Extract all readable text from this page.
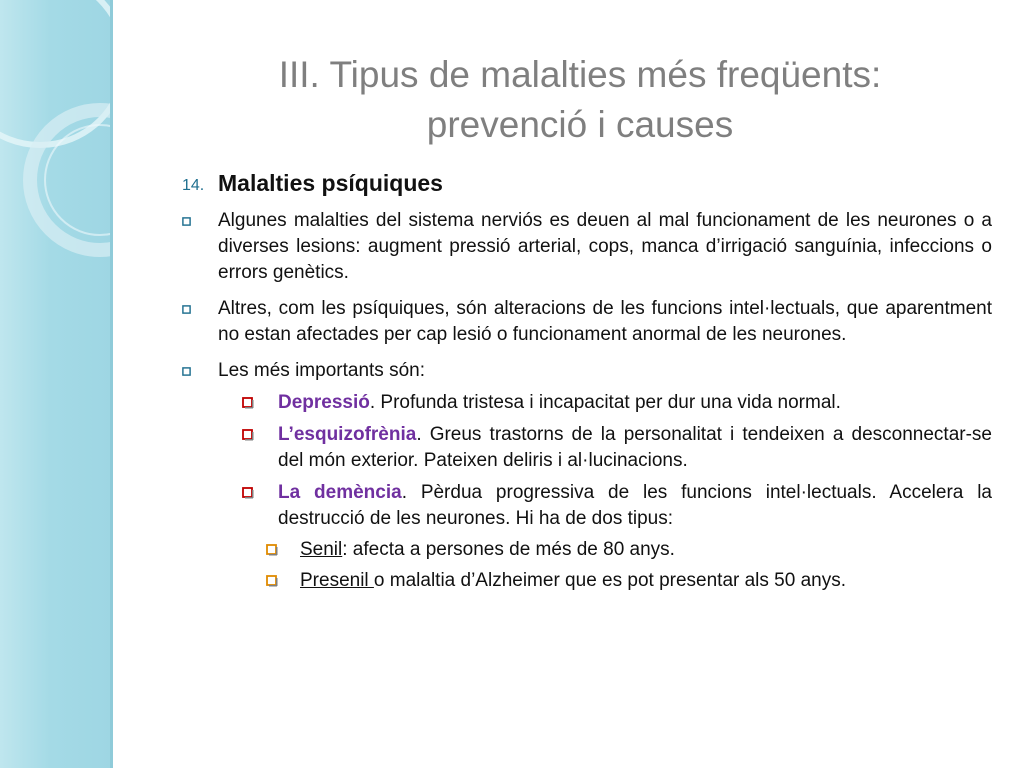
III. Tipus de malalties més freqüents:
prevenció i causes
14. Malalties psíquiques
Algunes malalties del sistema nerviós es deuen al mal funcionament de les neurones o a diverses lesions: augment pressió arterial, cops, manca d’irrigació sanguínia, infeccions o errors genètics.
Altres, com les psíquiques, són alteracions de les funcions intel·lectuals, que aparentment no estan afectades per cap lesió o funcionament anormal de les neurones.
Les més importants són:
Depressió. Profunda tristesa i incapacitat per dur una vida normal.
L’esquizofrènia. Greus trastorns de la personalitat i tendeixen a desconnectar-se del món exterior. Pateixen deliris i al·lucinacions.
La demència. Pèrdua progressiva de les funcions intel·lectuals. Accelera la destrucció de les neurones. Hi ha de dos tipus:
Senil: afecta a persones de més de 80 anys.
Presenil o malaltia d’Alzheimer que es pot presentar als 50 anys.
